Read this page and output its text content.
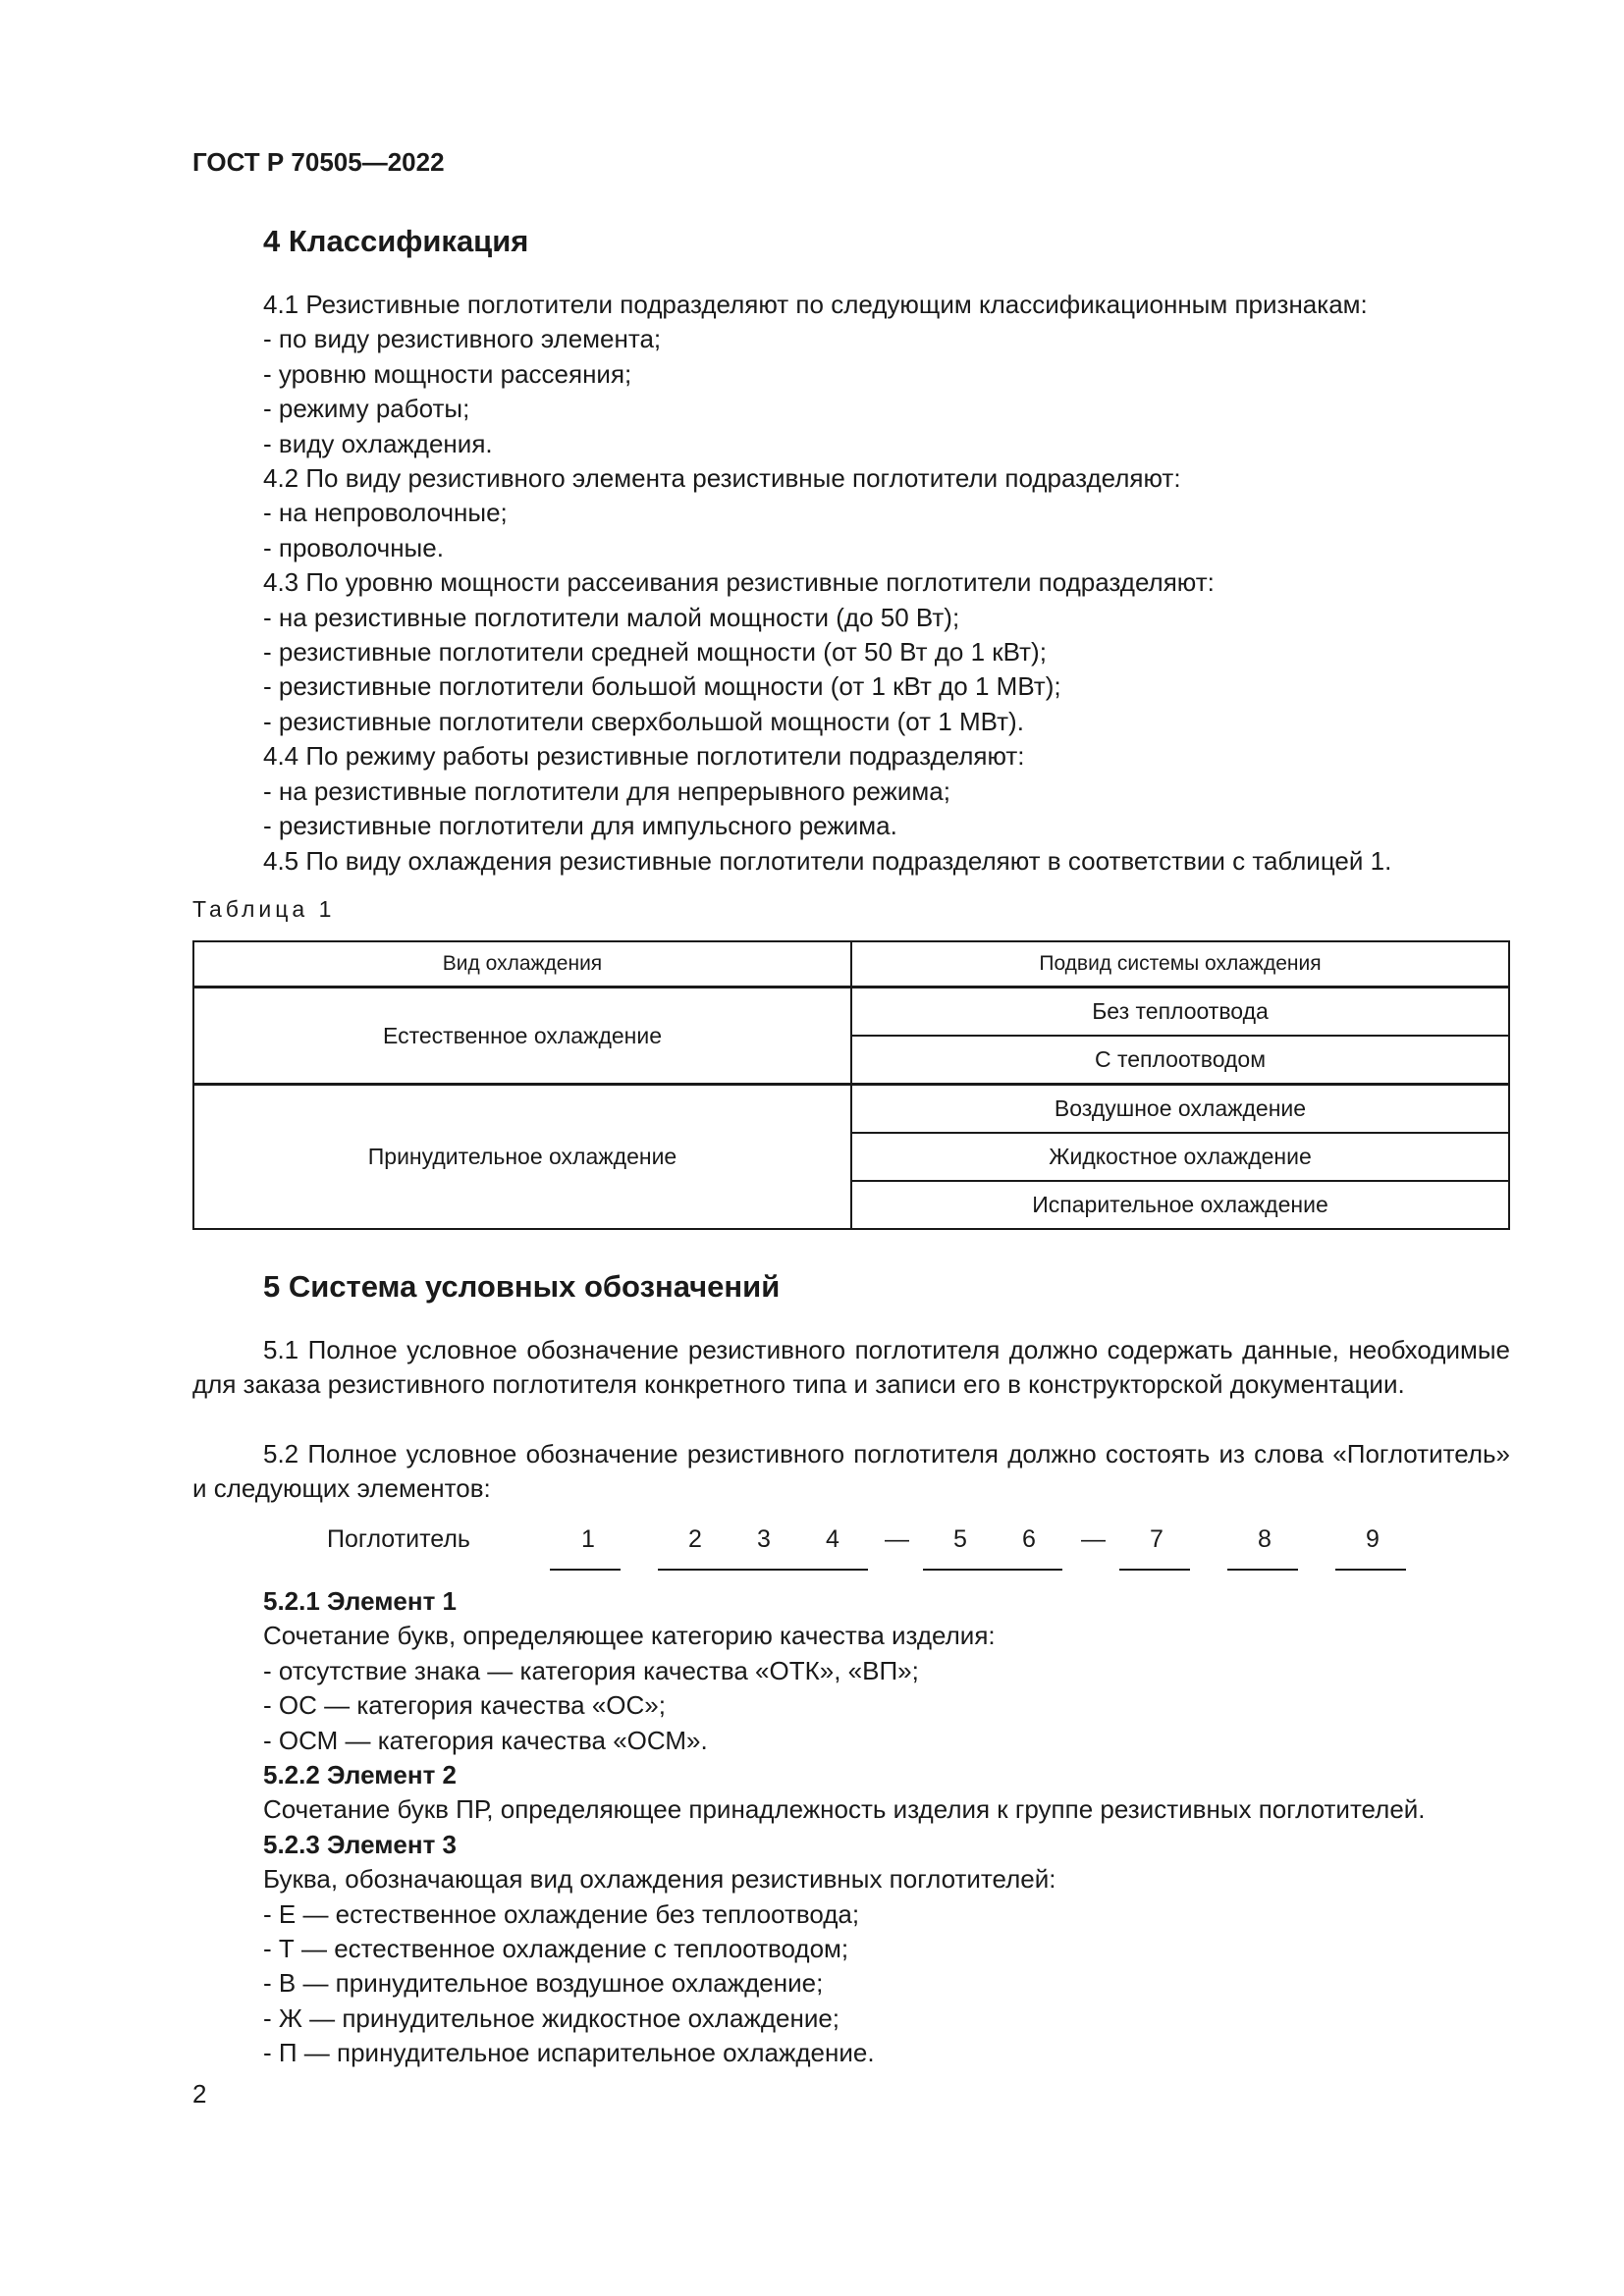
ГОСТ Р 70505—2022
4 Классификация
4.1 Резистивные поглотители подразделяют по следующим классификационным признакам:
- по виду резистивного элемента;
- уровню мощности рассеяния;
- режиму работы;
- виду охлаждения.
4.2 По виду резистивного элемента резистивные поглотители подразделяют:
- на непроволочные;
- проволочные.
4.3 По уровню мощности рассеивания резистивные поглотители подразделяют:
- на резистивные поглотители малой мощности (до 50 Вт);
- резистивные поглотители средней мощности (от 50 Вт до 1 кВт);
- резистивные поглотители большой мощности (от 1 кВт до 1 МВт);
- резистивные поглотители сверхбольшой мощности (от 1 МВт).
4.4 По режиму работы резистивные поглотители подразделяют:
- на резистивные поглотители для непрерывного режима;
- резистивные поглотители для импульсного режима.
4.5 По виду охлаждения резистивные поглотители подразделяют в соответствии с таблицей 1.
Таблица 1
Вид охлаждения	Подвид системы охлаждения
Естественное охлаждение	Без теплоотвода
	С теплоотводом
Принудительное охлаждение	Воздушное охлаждение
	Жидкостное охлаждение
	Испарительное охлаждение
5 Система условных обозначений
5.1 Полное условное обозначение резистивного поглотителя должно содержать данные, необходимые для заказа резистивного поглотителя конкретного типа и записи его в конструкторской документации.
5.2 Полное условное обозначение резистивного поглотителя должно состоять из слова «Поглотитель» и следующих элементов:
Поглотитель	1	2 3 4 — 5 6 — 7	8	9
5.2.1 Элемент 1
Сочетание букв, определяющее категорию качества изделия:
- отсутствие знака — категория качества «ОТК», «ВП»;
- ОС — категория качества «ОС»;
- ОСМ — категория качества «ОСМ».
5.2.2 Элемент 2
Сочетание букв ПР, определяющее принадлежность изделия к группе резистивных поглотителей.
5.2.3 Элемент 3
Буква, обозначающая вид охлаждения резистивных поглотителей:
- Е — естественное охлаждение без теплоотвода;
- Т — естественное охлаждение с теплоотводом;
- В — принудительное воздушное охлаждение;
- Ж — принудительное жидкостное охлаждение;
- П — принудительное испарительное охлаждение.
2
